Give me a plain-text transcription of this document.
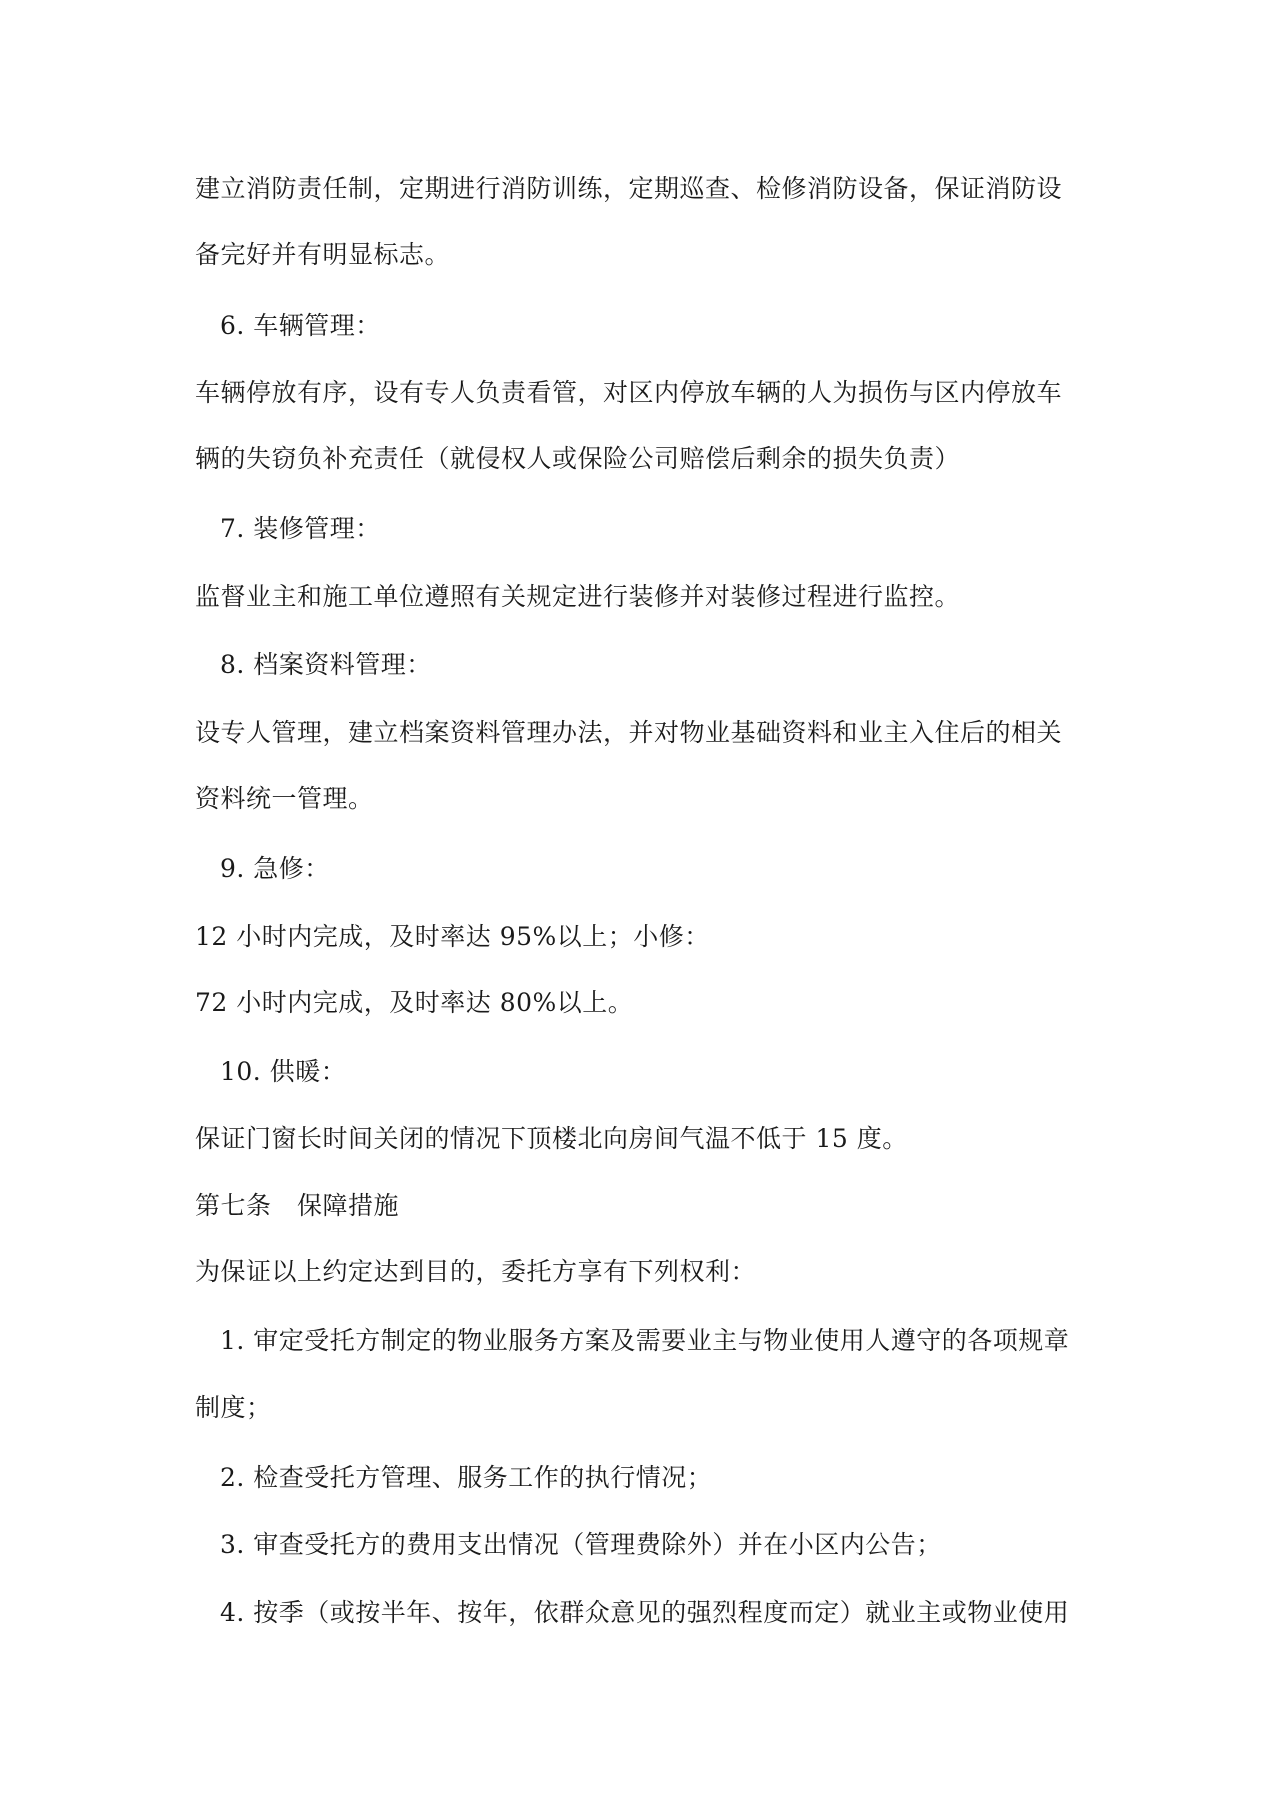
建立消防责任制，定期进行消防训练，定期巡查、检修消防设备，保证消防设
备完好并有明显标志。
6. 车辆管理：
车辆停放有序，设有专人负责看管，对区内停放车辆的人为损伤与区内停放车
辆的失窃负补充责任（就侵权人或保险公司赔偿后剩余的损失负责）
7. 装修管理：
监督业主和施工单位遵照有关规定进行装修并对装修过程进行监控。
8. 档案资料管理：
设专人管理，建立档案资料管理办法，并对物业基础资料和业主入住后的相关
资料统一管理。
9. 急修：
12 小时内完成，及时率达 95%以上；小修：
72 小时内完成，及时率达 80%以上。
10. 供暖：
保证门窗长时间关闭的情况下顶楼北向房间气温不低于 15 度。
第七条　保障措施
为保证以上约定达到目的，委托方享有下列权利：
1. 审定受托方制定的物业服务方案及需要业主与物业使用人遵守的各项规章
制度；
2. 检查受托方管理、服务工作的执行情况；
3. 审查受托方的费用支出情况（管理费除外）并在小区内公告；
4. 按季（或按半年、按年，依群众意见的强烈程度而定）就业主或物业使用
